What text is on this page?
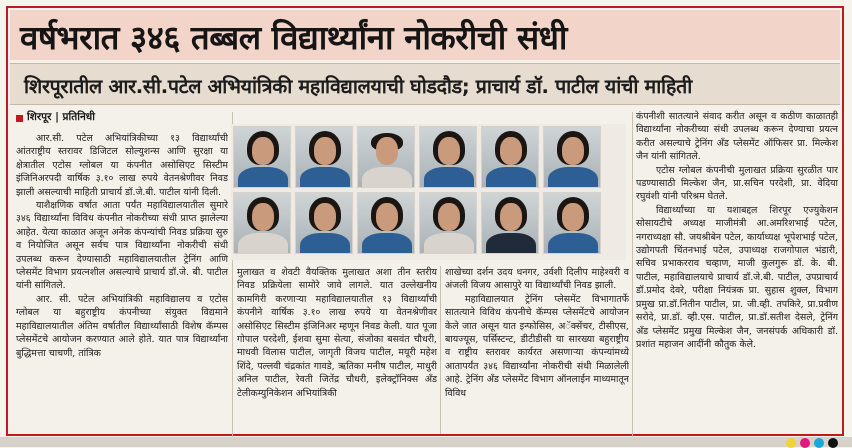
वर्षभरात ३४६ तब्बल विद्यार्थ्यांना नोकरीची संधी
शिरपूरातील आर.सी.पटेल अभियांत्रिकी महाविद्यालयाची घोडदौड; प्राचार्य डॉ. पाटील यांची माहिती
शिरपूर | प्रतिनिधी

आर.सी. पटेल अभियांत्रिकीच्या १३ विद्यार्थ्यांची आंतराष्ट्रीय स्तरावर डिजिटल सोल्युशन्स आणि सुरक्षा या क्षेत्रातील एटोस ग्लोबल या कंपनीत असोसिएट सिस्टीम इंजिनिअरपदी वार्षिक ३.१० लाख रुपये वेतनश्रेणीवर निवड झाली असल्याची माहिती प्राचार्य डॉ.जे.बी. पाटील यांनी दिली.

याशैक्षणिक वर्षात आता पर्यंत महाविद्यालयातील सुमारे ३४६ विद्यार्थ्यांना विविध कंपनीत नोकरीच्या संधी प्राप्त झालेल्या आहेत. येत्या काळात अजून अनेक कंपन्यांची निवड प्रक्रिया सुरु व नियोजित असून सर्वच पात्र विद्यार्थ्यांना नोकरीची संधी उपलब्ध करून देण्यासाठी महाविद्यालयातील ट्रेनिंग आणि प्लेसमेंट विभाग प्रयत्नशील असल्याचे प्राचार्य डॉ.जे. बी. पाटील यांनी सांगितले.

आर. सी. पटेल अभियांत्रिकी महाविद्यालय व एटोस ग्लोबल या बहुराष्ट्रीय कंपनीच्या संयुक्त विद्यमाने महाविद्यालयातील अंतिम वर्षातील विद्यार्थ्यांसाठी विशेष कॅम्पस प्लेसमेंटचे आयोजन करण्यात आले होते. यात पात्र विद्यार्थ्यांना बुद्धिमत्ता चाचणी, तांत्रिक

मुलाखत व शेवटी वैयक्तिक मुलाखत अशा तीन स्तरीय निवड प्रक्रियेला सामोरे जावे लागले. यात उल्लेखनीय कामगिरी करणाऱ्या महाविद्यालयातील १३ विद्यार्थ्यांची कंपनीने वार्षिक ३.१० लाख रुपये या वेतनश्रेणीवर असोसिएट सिस्टीम इंजिनिअर म्हणून निवड केली. यात पूजा गोपाल परदेशी, ईशवा सुमा सेत्या, संजोका बसवंत चौधरी, माधवी विलास पाटील, जागृती विजय पाटील, मयूरी महेश शिंदे, पल्लवी चंद्रकांत गावडे, ऋतिका मनीष पाटील, माधुरी अनिल पाटील, रेवती जितेंद्र चौधरी, इलेक्ट्रॉनिक्स अँड टेलीकम्युनिकेशन अभियांत्रिकी

शाखेच्या दर्शन उदय धनगर, उर्वशी दिलीप माहेश्वरी व अंजली विजय आसापुरे या विद्यार्थ्यांची निवड झाली.

महाविद्यालयात ट्रेनिंग प्लेसमेंट विभागातर्फे सातत्याने विविध कंपनीचे कॅम्पस प्लेसमेंटचे आयोजन केले जात असून यात इन्फोसिस, अॅक्सेंचर, टीसीएस, बायज्यूस, पर्सिस्टन्ट, डीटीडीसी या सारख्या बहुराष्ट्रीय व राष्ट्रीय स्तरावर कार्यरत असणाऱ्या कंपन्यांमध्ये आतापर्यंत ३४६ विद्यार्थ्यांना नोकरीची संधी मिळालेली आहे. ट्रेनिंग अँड प्लेसमेंट विभाग ऑनलाईन माध्यमातून विविध

कंपनीशी सातत्याने संवाद करीत असून व कठीण काळातही विद्यार्थ्यांना नोकरीच्या संधी उपलब्ध करून देण्याचा प्रयत्न करीत असल्याचे ट्रेनिंग अँड प्लेसमेंट ऑफिसर प्रा. मिल्केश जैन यांनी सांगितले.

एटोस ग्लोबल कंपनीची मुलाखत प्रक्रिया सुरळीत पार पडण्यासाठी मिल्केश जैन, प्रा.सचिन परदेशी, प्रा. वेदिया रघुवंशी यांनी परिश्रम घेतले.

विद्यार्थ्यांच्या या यशाबद्दल शिरपूर एज्युकेशन सोसायटीचे अध्यक्ष माजीमंत्री आ.अमरिशभाई पटेल, नगराध्यक्षा सौ. जयश्रीबेन पटेल, कार्याध्यक्ष भूपेशभाई पटेल, उद्योगपती चिंतनभाई पटेल, उपाध्यक्ष राजगोपाल भंडारी, सचिव प्रभाकरराव चव्हाण, माजी कुलगुरू डॉ. के. बी. पाटील, महाविद्यालयाचे प्राचार्य डॉ.जे.बी. पाटील, उपप्राचार्य डॉ.प्रमोद देवरे, परीक्षा नियंत्रक प्रा. सुहास शुक्ल, विभाग प्रमुख प्रा.डॉ.नितीन पाटील, प्रा. जी.व्ही. तपकिरे, प्रा.प्रवीण सरोदे, प्रा.डॉ. व्ही.एस. पाटील, प्रा.डॉ.सतीश देसले, ट्रेनिंग अँड प्लेसमेंट प्रमुख मिल्केश जैन, जनसंपर्क अधिकारी डॉ. प्रशांत महाजन आदींनी कौतुक केले.
